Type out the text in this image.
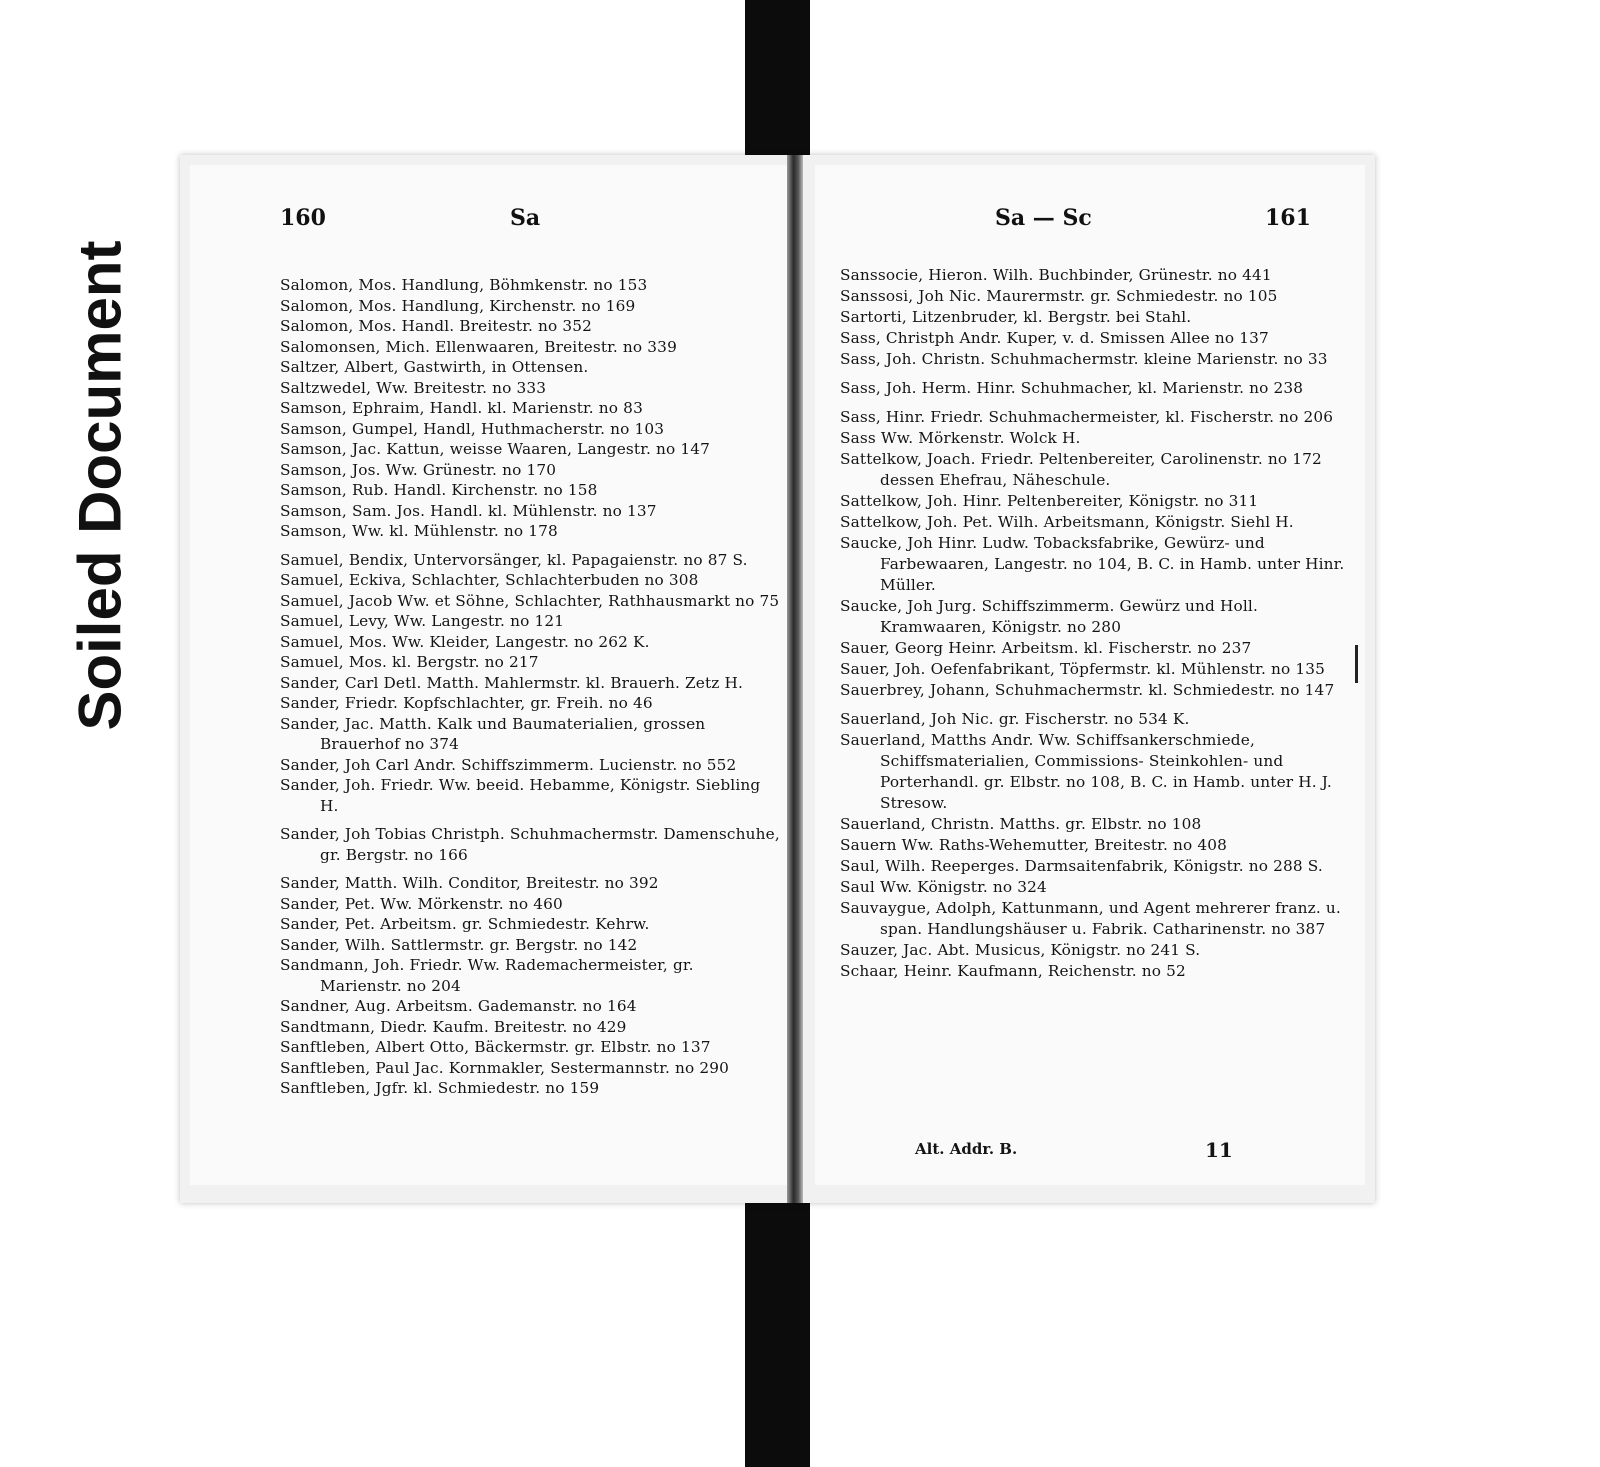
Soiled Document
160	Sa

Salomon, Mos. Handlung, Böhmkenstr. no 153

Salomon, Mos. Handlung, Kirchenstr. no 169

Salomon, Mos. Handl. Breitestr. no 352

Salomonsen, Mich. Ellenwaaren, Breitestr. no 339

Saltzer, Albert, Gastwirth, in Ottensen.

Saltzwedel, Ww. Breitestr. no 333

Samson, Ephraim, Handl. kl. Marienstr. no 83

Samson, Gumpel, Handl, Huthmacherstr. no 103

Samson, Jac. Kattun, weisse Waaren, Langestr. no 147

Samson, Jos. Ww. Grünestr. no 170

Samson, Rub. Handl. Kirchenstr. no 158

Samson, Sam. Jos. Handl. kl. Mühlenstr. no 137

Samson, Ww. kl. Mühlenstr. no 178

Samuel, Bendix, Untervorsänger, kl. Papagaienstr. no 87 S.

Samuel, Eckiva, Schlachter, Schlachterbuden no 308

Samuel, Jacob Ww. et Söhne, Schlachter, Rathhausmarkt no 75

Samuel, Levy, Ww. Langestr. no 121

Samuel, Mos. Ww. Kleider, Langestr. no 262 K.

Samuel, Mos. kl. Bergstr. no 217

Sander, Carl Detl. Matth. Mahlermstr. kl. Brauerh. Zetz H.

Sander, Friedr. Kopfschlachter, gr. Freih. no 46

Sander, Jac. Matth. Kalk und Baumaterialien, grossen Brauerhof no 374

Sander, Joh Carl Andr. Schiffszimmerm. Lucienstr. no 552

Sander, Joh. Friedr. Ww. beeid. Hebamme, Königstr. Siebling H.

Sander, Joh Tobias Christph. Schuhmachermstr. Damenschuhe, gr. Bergstr. no 166

Sander, Matth. Wilh. Conditor, Breitestr. no 392

Sander, Pet. Ww. Mörkenstr. no 460

Sander, Pet. Arbeitsm. gr. Schmiedestr. Kehrw.

Sander, Wilh. Sattlermstr. gr. Bergstr. no 142

Sandmann, Joh. Friedr. Ww. Rademachermeister, gr. Marienstr. no 204

Sandner, Aug. Arbeitsm. Gademanstr. no 164

Sandtmann, Diedr. Kaufm. Breitestr. no 429

Sanftleben, Albert Otto, Bäckermstr. gr. Elbstr. no 137

Sanftleben, Paul Jac. Kornmakler, Sestermannstr. no 290

Sanftleben, Jgfr. kl. Schmiedestr. no 159

Sa — Sc	161

Sanssocie, Hieron. Wilh. Buchbinder, Grünestr. no 441

Sanssosi, Joh Nic. Maurermstr. gr. Schmiedestr. no 105

Sartorti, Litzenbruder, kl. Bergstr. bei Stahl.

Sass, Christph Andr. Kuper, v. d. Smissen Allee no 137

Sass, Joh. Christn. Schuhmachermstr. kleine Marienstr. no 33

Sass, Joh. Herm. Hinr. Schuhmacher, kl. Marienstr. no 238

Sass, Hinr. Friedr. Schuhmachermeister, kl. Fischerstr. no 206

Sass Ww. Mörkenstr. Wolck H.

Sattelkow, Joach. Friedr. Peltenbereiter, Carolinenstr. no 172 dessen Ehefrau, Näheschule.

Sattelkow, Joh. Hinr. Peltenbereiter, Königstr. no 311

Sattelkow, Joh. Pet. Wilh. Arbeitsmann, Königstr. Siehl H.

Saucke, Joh Hinr. Ludw. Tobacksfabrike, Gewürz- und Farbewaaren, Langestr. no 104, B. C. in Hamb. unter Hinr. Müller.

Saucke, Joh Jurg. Schiffszimmerm. Gewürz und Holl. Kramwaaren, Königstr. no 280

Sauer, Georg Heinr. Arbeitsm. kl. Fischerstr. no 237

Sauer, Joh. Oefenfabrikant, Töpfermstr. kl. Mühlenstr. no 135

Sauerbrey, Johann, Schuhmachermstr. kl. Schmiedestr. no 147

Sauerland, Joh Nic. gr. Fischerstr. no 534 K.

Sauerland, Matths Andr. Ww. Schiffsankerschmiede, Schiffsmaterialien, Commissions- Steinkohlen- und Porterhandl. gr. Elbstr. no 108, B. C. in Hamb. unter H. J. Stresow.

Sauerland, Christn. Matths. gr. Elbstr. no 108

Sauern Ww. Raths-Wehemutter, Breitestr. no 408

Saul, Wilh. Reeperges. Darmsaitenfabrik, Königstr. no 288 S.

Saul Ww. Königstr. no 324

Sauvaygue, Adolph, Kattunmann, und Agent mehrerer franz. u. span. Handlungshäuser u. Fabrik. Catharinenstr. no 387

Sauzer, Jac. Abt. Musicus, Königstr. no 241 S.

Schaar, Heinr. Kaufmann, Reichenstr. no 52

Alt. Addr. B.	11
